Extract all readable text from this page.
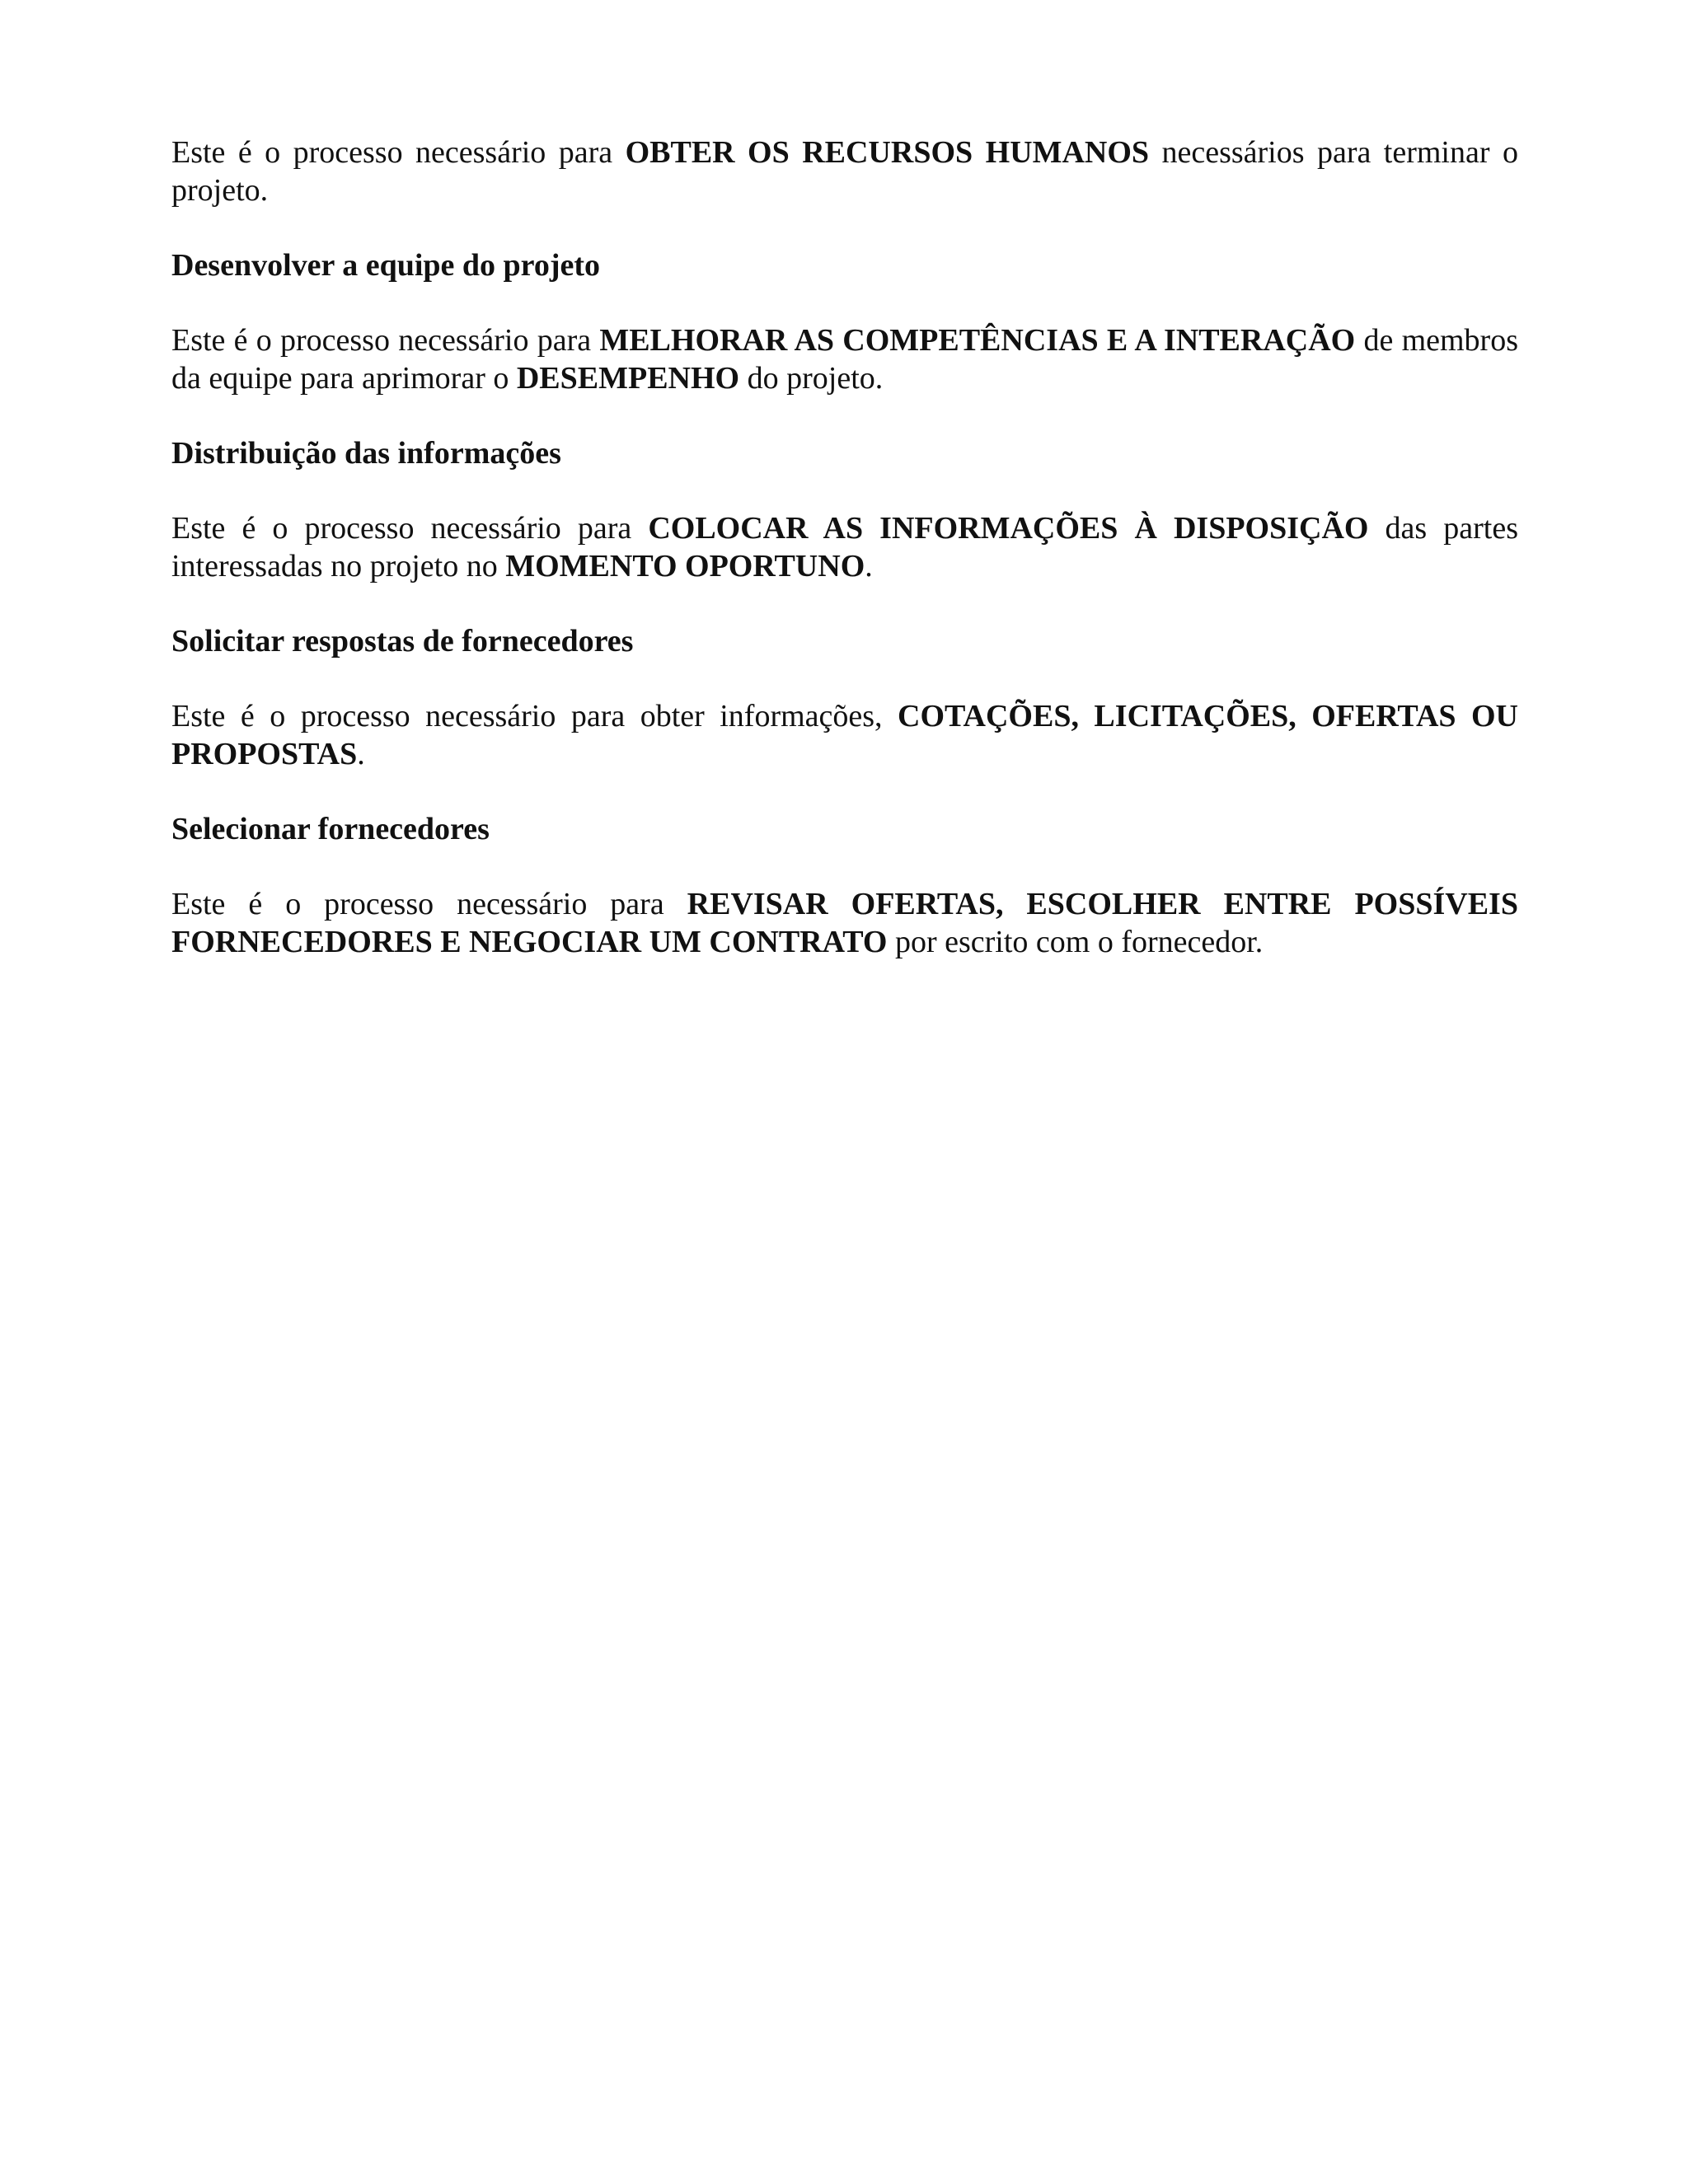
Este é o processo necessário para OBTER OS RECURSOS HUMANOS necessários para terminar o projeto.

Desenvolver a equipe do projeto

Este é o processo necessário para MELHORAR AS COMPETÊNCIAS E A INTERAÇÃO de membros da equipe para aprimorar o DESEMPENHO do projeto.

Distribuição das informações

Este é o processo necessário para COLOCAR AS INFORMAÇÕES À DISPOSIÇÃO das partes interessadas no projeto no MOMENTO OPORTUNO.

Solicitar respostas de fornecedores

Este é o processo necessário para obter informações, COTAÇÕES, LICITAÇÕES, OFERTAS OU PROPOSTAS.

Selecionar fornecedores

Este é o processo necessário para REVISAR OFERTAS, ESCOLHER ENTRE POSSÍVEIS FORNECEDORES E NEGOCIAR UM CONTRATO por escrito com o fornecedor.
